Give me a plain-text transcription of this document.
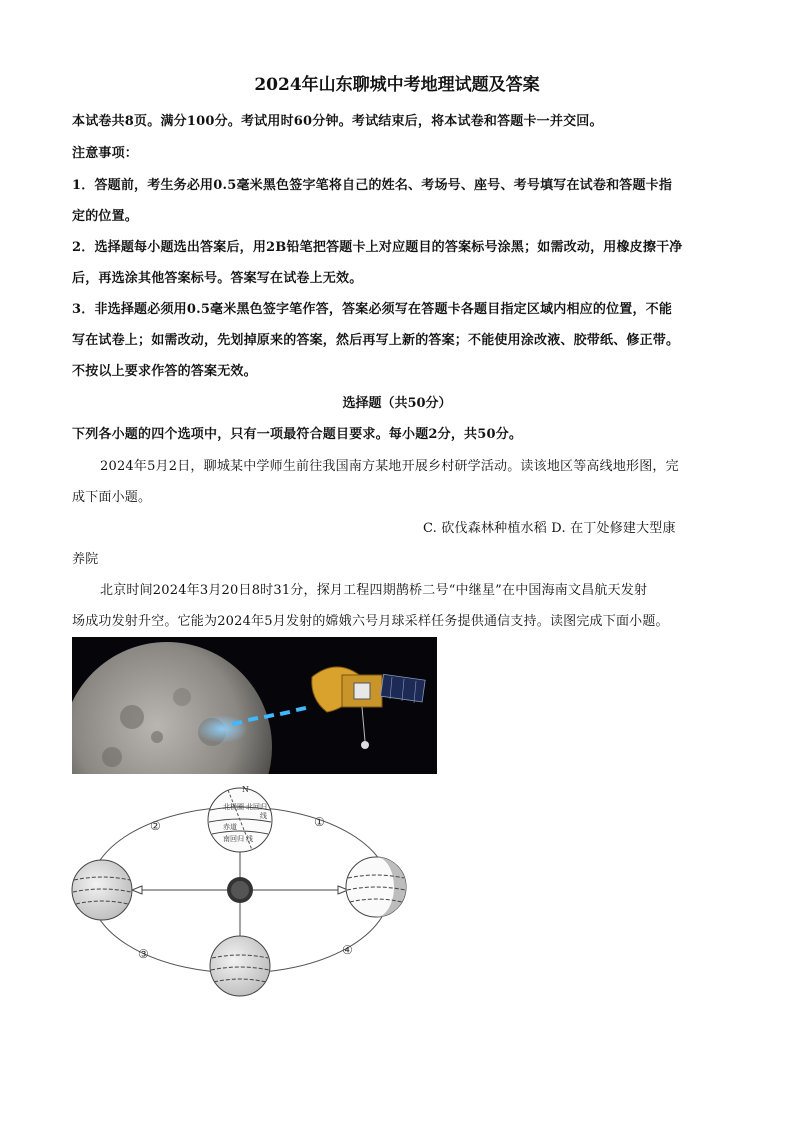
2024年山东聊城中考地理试题及答案
本试卷共8页。满分100分。考试用时60分钟。考试结束后，将本试卷和答题卡一并交回。
注意事项：
1．答题前，考生务必用0.5毫米黑色签字笔将自己的姓名、考场号、座号、考号填写在试卷和答题卡指
定的位置。
2．选择题每小题选出答案后，用2B铅笔把答题卡上对应题目的答案标号涂黑；如需改动，用橡皮擦干净
后，再选涂其他答案标号。答案写在试卷上无效。
3．非选择题必须用0.5毫米黑色签字笔作答，答案必须写在答题卡各题目指定区域内相应的位置，不能
写在试卷上；如需改动，先划掉原来的答案，然后再写上新的答案；不能使用涂改液、胶带纸、修正带。
不按以上要求作答的答案无效。
选择题（共50分）
下列各小题的四个选项中，只有一项最符合题目要求。每小题2分，共50分。
2024年5月2日，聊城某中学师生前往我国南方某地开展乡村研学活动。读该地区等高线地形图，完
成下面小题。
C. 砍伐森林种植水稻 D. 在丁处修建大型康
养院
北京时间2024年3月20日8时31分，探月工程四期鹊桥二号“中继星”在中国海南文昌航天发射
场成功发射升空。它能为2024年5月发射的嫦娥六号月球采样任务提供通信支持。读图完成下面小题。
①
②
③	④
N
北 极 圈 北 回 归
线
赤 道
南 回 归 线
